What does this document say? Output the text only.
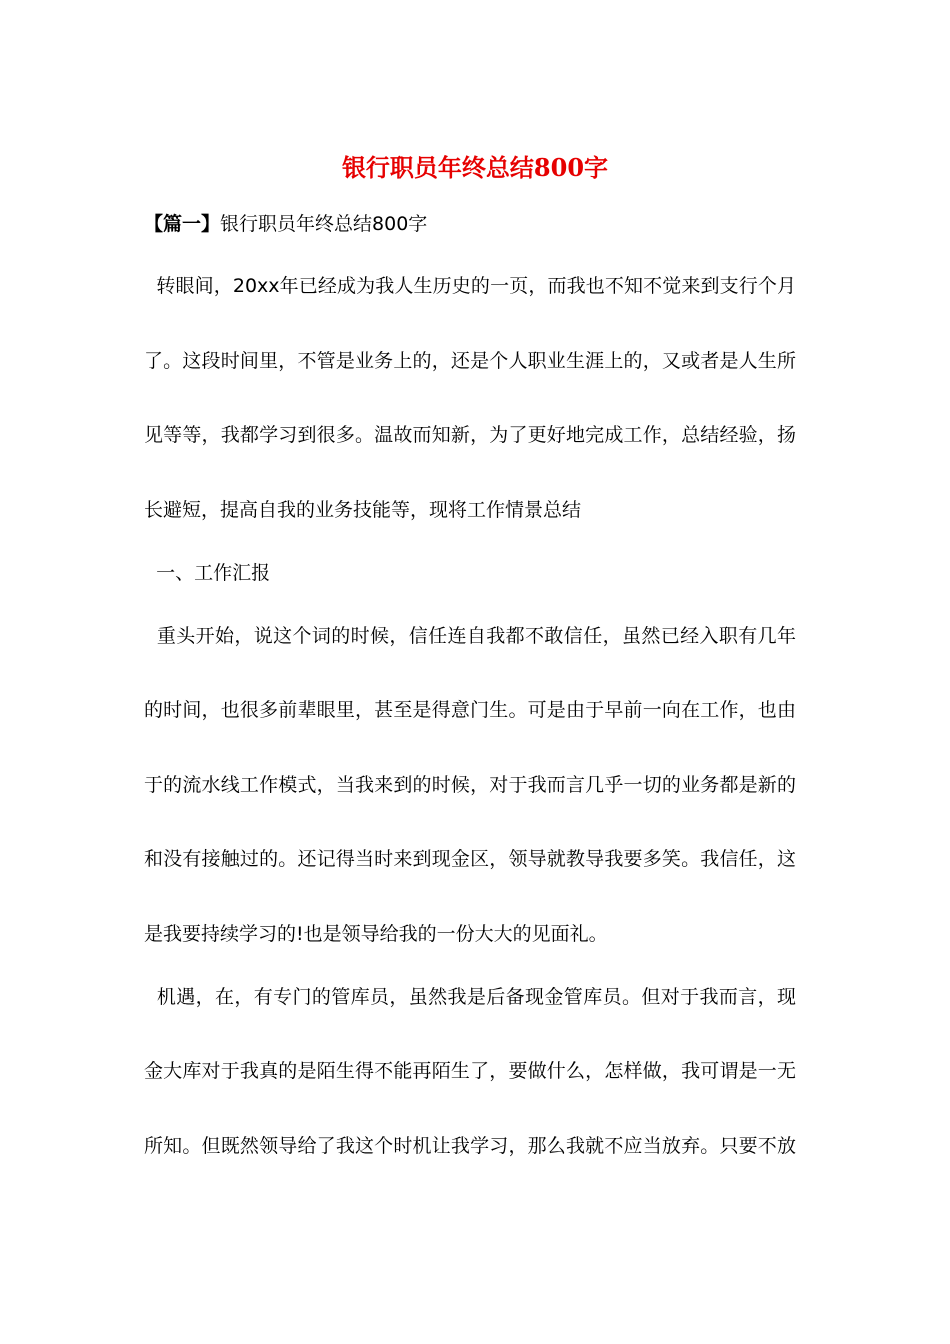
银行职员年终总结800字
【篇一】银行职员年终总结800字
转眼间，20xx年已经成为我人生历史的一页，而我也不知不觉来到支行个月
了。这段时间里，不管是业务上的，还是个人职业生涯上的，又或者是人生所
见等等，我都学习到很多。温故而知新，为了更好地完成工作，总结经验，扬
长避短，提高自我的业务技能等，现将工作情景总结
一、工作汇报
重头开始，说这个词的时候，信任连自我都不敢信任，虽然已经入职有几年
的时间，也很多前辈眼里，甚至是得意门生。可是由于早前一向在工作，也由
于的流水线工作模式，当我来到的时候，对于我而言几乎一切的业务都是新的
和没有接触过的。还记得当时来到现金区，领导就教导我要多笑。我信任，这
是我要持续学习的!也是领导给我的一份大大的见面礼。
机遇，在，有专门的管库员，虽然我是后备现金管库员。但对于我而言，现
金大库对于我真的是陌生得不能再陌生了，要做什么，怎样做，我可谓是一无
所知。但既然领导给了我这个时机让我学习，那么我就不应当放弃。只要不放
